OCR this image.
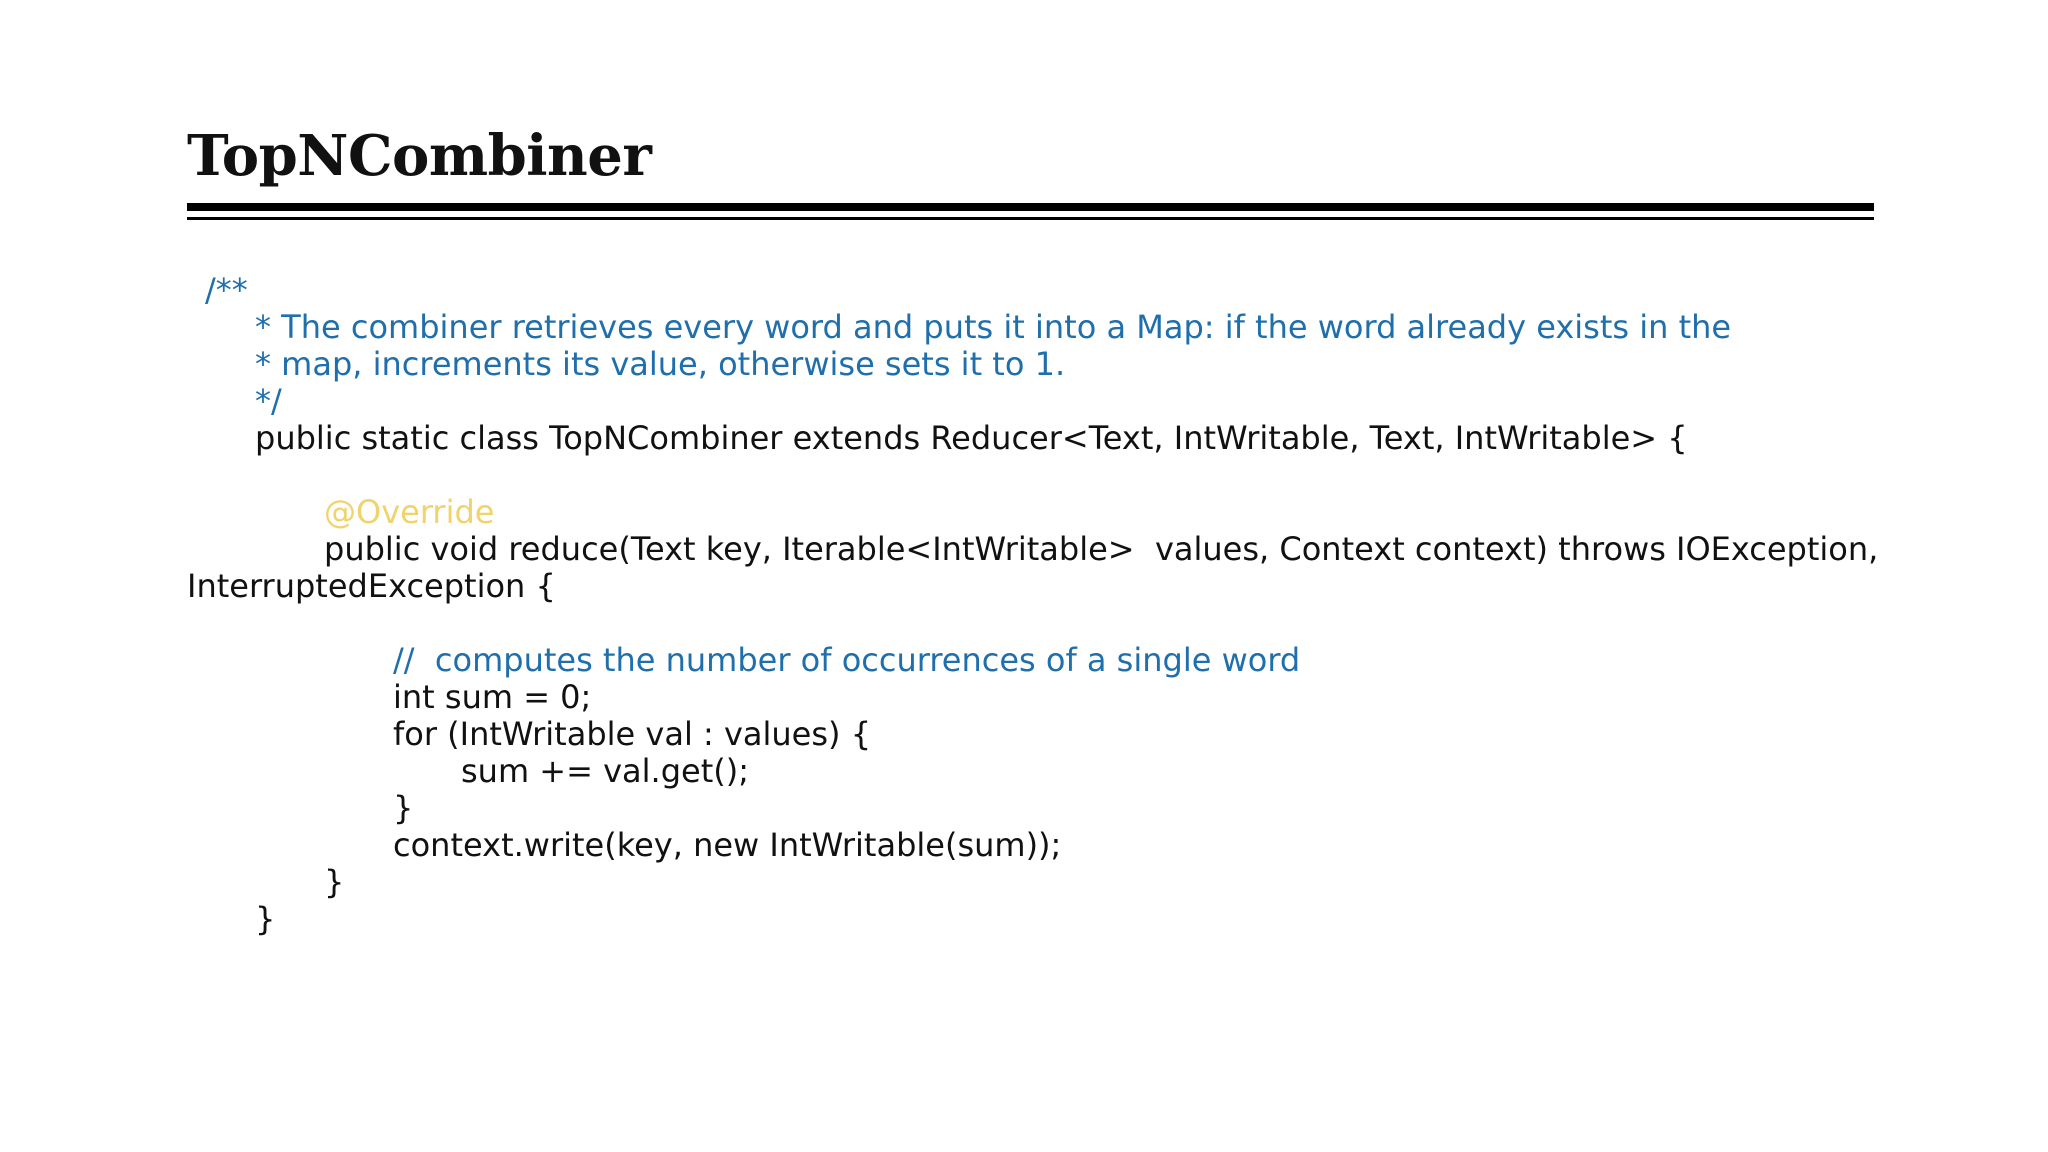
TopNCombiner
/**
* The combiner retrieves every word and puts it into a Map: if the word already exists in the
* map, increments its value, otherwise sets it to 1.
*/
public static class TopNCombiner extends Reducer<Text, IntWritable, Text, IntWritable> {
@Override
public void reduce(Text key, Iterable<IntWritable>  values, Context context) throws IOException,
InterruptedException {
//  computes the number of occurrences of a single word
int sum = 0;
for (IntWritable val : values) {
sum += val.get();
}
context.write(key, new IntWritable(sum));
}
}
